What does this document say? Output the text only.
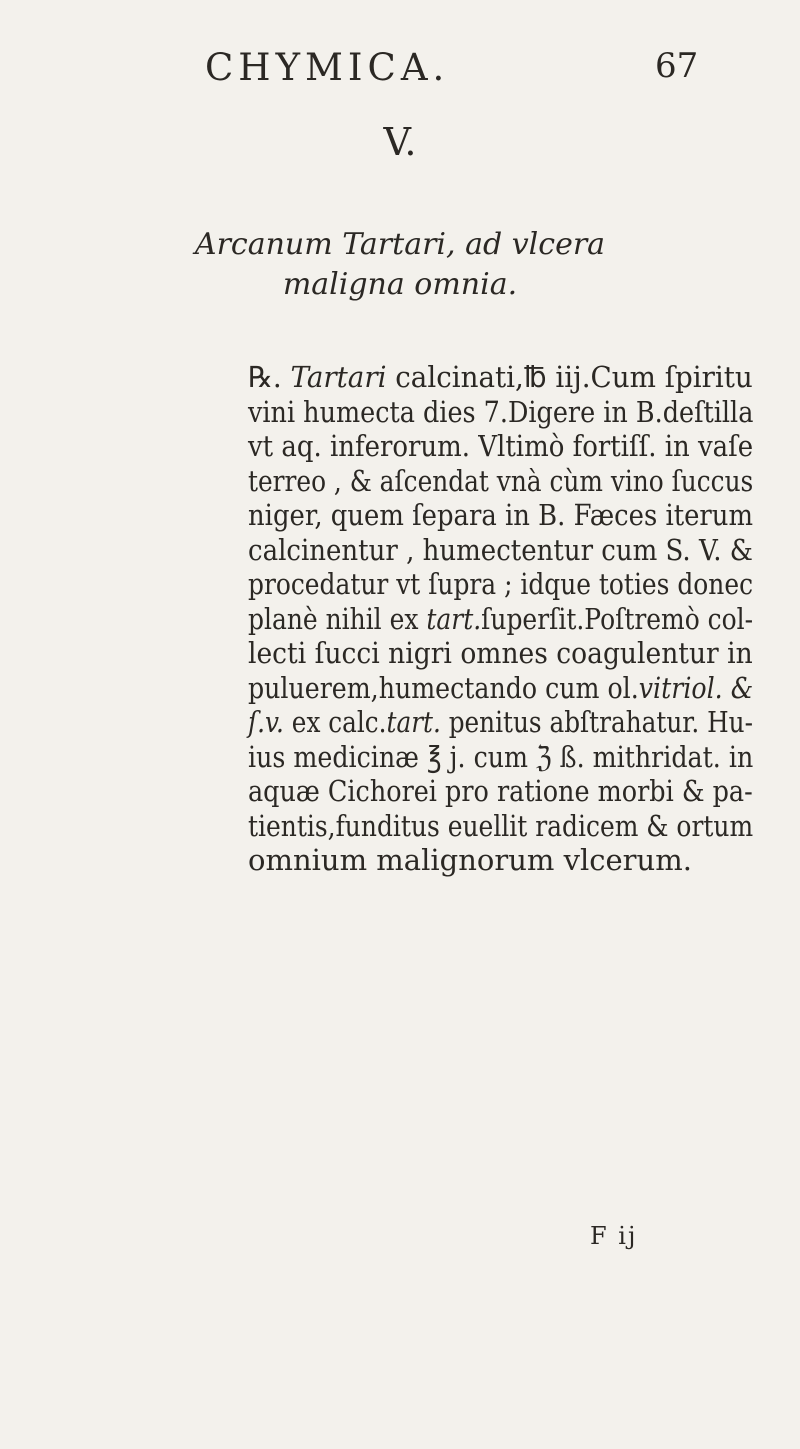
CHYMICA.	67
V.
Arcanum Tartari, ad vlcera
maligna omnia.
℞. Tartari calcinati,℔ iij.Cum ſpiritu
vini humecta dies 7.Digere in B.deſtilla
vt aq. inferorum. Vltimò fortiſſ. in vaſe
terreo , & aſcendat vnà cùm vino ſuccus
niger, quem ſepara in B. Fæces iterum
calcinentur , humectentur cum S. V. &
procedatur vt ſupra ; idque toties donec
planè nihil ex tart.ſuperſit.Poſtremò col-
lecti ſucci nigri omnes coagulentur in
puluerem,humectando cum ol.vitriol. &
ſ.v. ex calc.tart. penitus abſtrahatur. Hu-
ius medicinæ ℥ j. cum ℨ ß. mithridat. in
aquæ Cichorei pro ratione morbi & pa-
tientis,funditus euellit radicem & ortum
omnium malignorum vlcerum.
F ij
